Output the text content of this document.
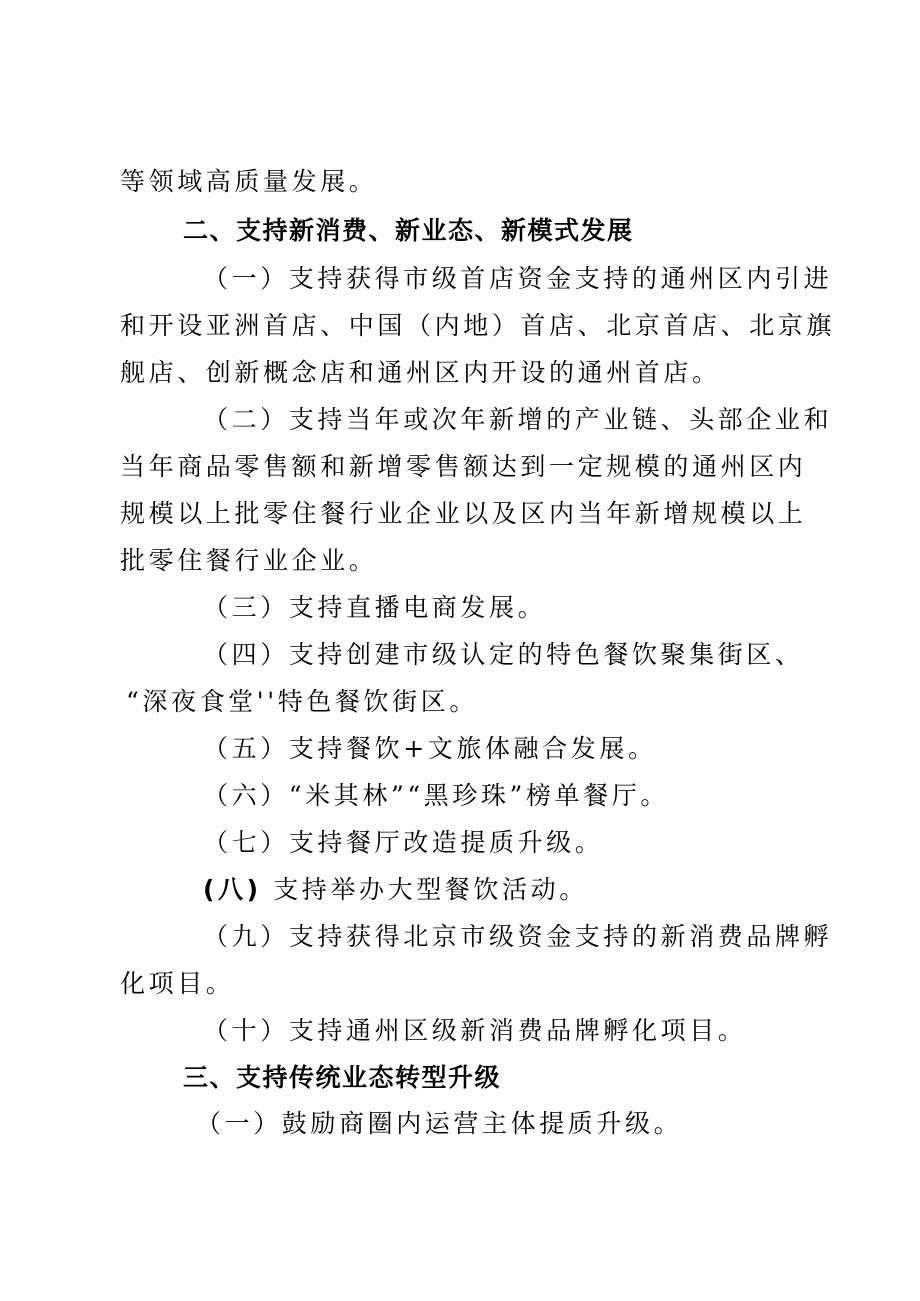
等领域高质量发展。
二、支持新消费、新业态、新模式发展
（一）支持获得市级首店资金支持的通州区内引进
和开设亚洲首店、中国（内地）首店、北京首店、北京旗
舰店、创新概念店和通州区内开设的通州首店。
（二）支持当年或次年新增的产业链、头部企业和
当年商品零售额和新增零售额达到一定规模的通州区内
规模以上批零住餐行业企业以及区内当年新增规模以上
批零住餐行业企业。
（三）支持直播电商发展。
（四）支持创建市级认定的特色餐饮聚集街区、
“深夜食堂''特色餐饮街区。
（五）支持餐饮+文旅体融合发展。
（六）“米其林”“黑珍珠”榜单餐厅。
（七）支持餐厅改造提质升级。
(八) 支持举办大型餐饮活动。
（九）支持获得北京市级资金支持的新消费品牌孵
化项目。
（十）支持通州区级新消费品牌孵化项目。
三、支持传统业态转型升级
（一）鼓励商圈内运营主体提质升级。
